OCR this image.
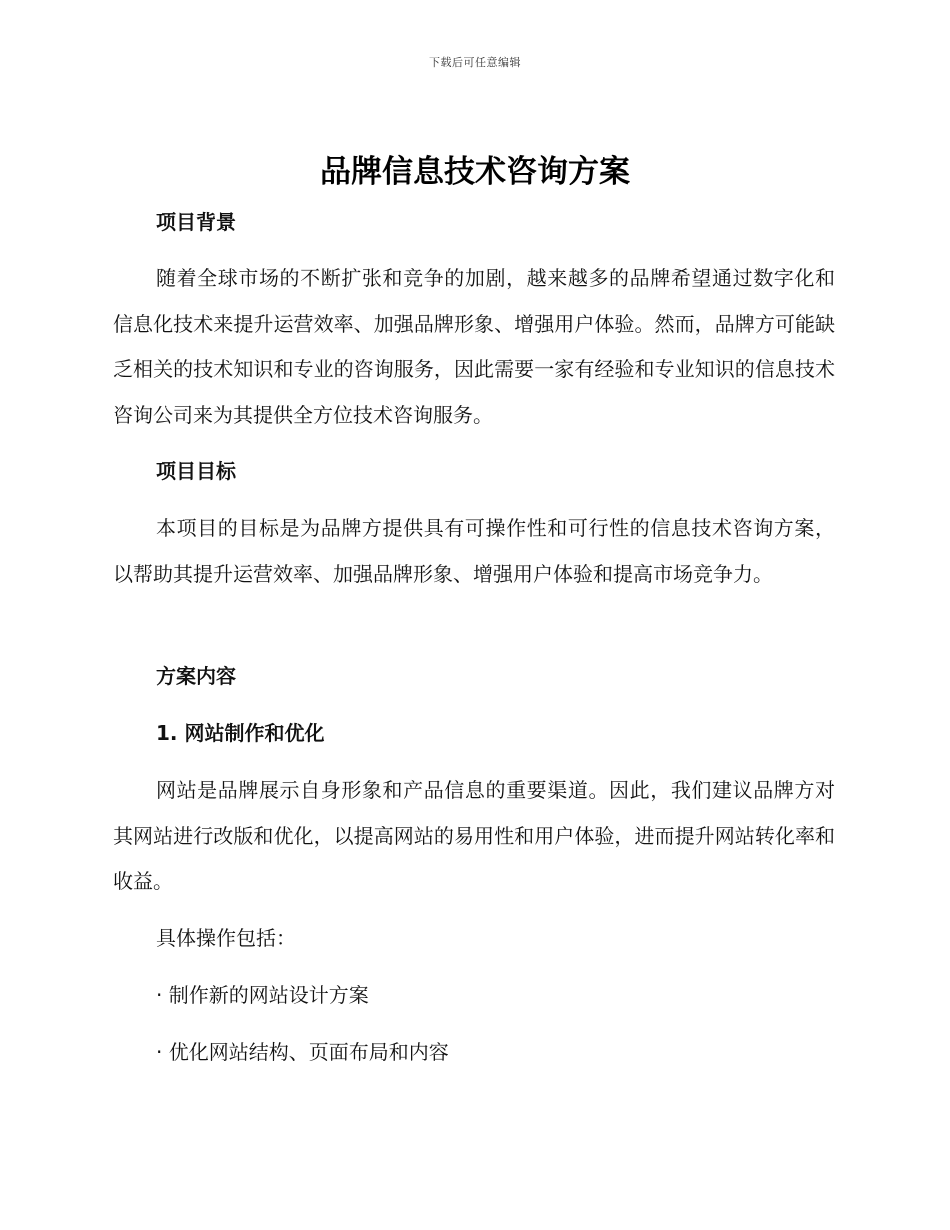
下载后可任意编辑
品牌信息技术咨询方案
项目背景

随着全球市场的不断扩张和竞争的加剧，越来越多的品牌希望通过数字化和信息化技术来提升运营效率、加强品牌形象、增强用户体验。然而，品牌方可能缺乏相关的技术知识和专业的咨询服务，因此需要一家有经验和专业知识的信息技术咨询公司来为其提供全方位技术咨询服务。

项目目标

本项目的目标是为品牌方提供具有可操作性和可行性的信息技术咨询方案，以帮助其提升运营效率、加强品牌形象、增强用户体验和提高市场竞争力。

方案内容
1. 网站制作和优化

网站是品牌展示自身形象和产品信息的重要渠道。因此，我们建议品牌方对其网站进行改版和优化，以提高网站的易用性和用户体验，进而提升网站转化率和收益。

具体操作包括：

· 制作新的网站设计方案

· 优化网站结构、页面布局和内容
